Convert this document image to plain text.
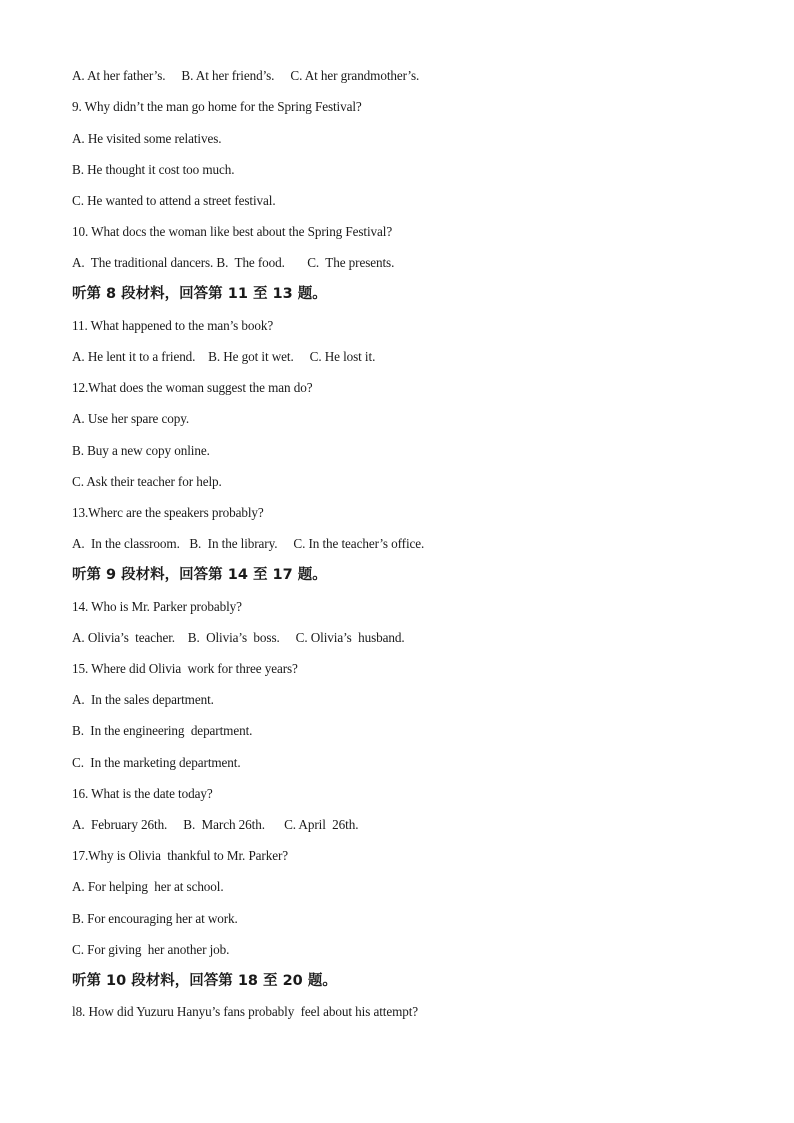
A. At her father’s.     B. At her friend’s.     C. At her grandmother’s.
9. Why didn’t the man go home for the Spring Festival?
A. He visited some relatives.
B. He thought it cost too much.
C. He wanted to attend a street festival.
10. What docs the woman like best about the Spring Festival?
A.  The traditional dancers. B.  The food.       C.  The presents.
听第 8 段材料，回答第 11 至 13 题。
11. What happened to the man’s book?
A. He lent it to a friend.    B. He got it wet.     C. He lost it.
12.What does the woman suggest the man do?
A. Use her spare copy.
B. Buy a new copy online.
C. Ask their teacher for help.
13.Wherc are the speakers probably?
A.  In the classroom.   B.  In the library.     C. In the teacher’s office.
听第 9 段材料，回答第 14 至 17 题。
14. Who is Mr. Parker probably?
A. Olivia’s  teacher.    B.  Olivia’s  boss.     C. Olivia’s  husband.
15. Where did Olivia  work for three years?
A.  In the sales department.
B.  In the engineering  department.
C.  In the marketing department.
16. What is the date today?
A.  February 26th.     B.  March 26th.      C. April  26th.
17.Why is Olivia  thankful to Mr. Parker?
A. For helping  her at school.
B. For encouraging her at work.
C. For giving  her another job.
听第 10 段材料，回答第 18 至 20 题。
l8. How did Yuzuru Hanyu’s fans probably  feel about his attempt?
